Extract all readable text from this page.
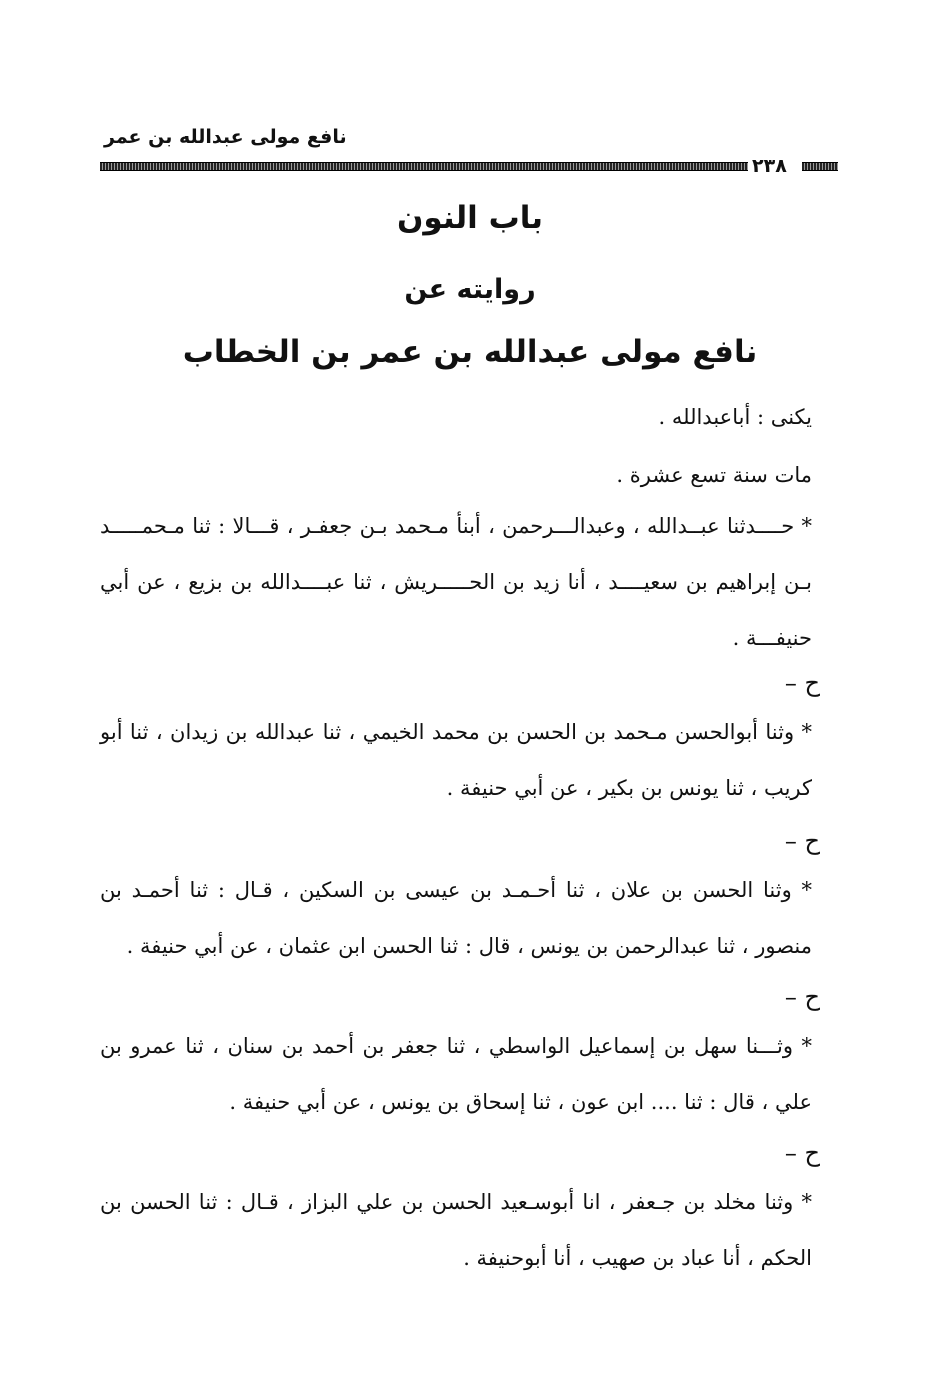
نافع مولى عبدالله بن عمر
٢٣٨
باب النون
روايته عن
نافع مولى عبدالله بن عمر بن الخطاب
يكنى : أباعبدالله .
مات سنة تسع عشرة .
* حــــدثنا عبــدالله ، وعبدالـــرحمن ، أبنأ مـحمد بـن جعفـر ، قـــالا : ثنا مـحمـــــد بـن إبراهيم بن سعيــــد ، أنا زيد بن الحـــــريش ، ثنا عبــــدالله بن بزيع ، عن أبي حنيفـــة .
ح –
* وثنا أبوالحسن مـحمد بن الحسن بن محمد الخيمي ، ثنا عبدالله بن زيدان ، ثنا أبو كريب ، ثنا يونس بن بكير ، عن أبي حنيفة .
ح –
* وثنا الحسن بن علان ، ثنا أحـمـد بن عيسى بن السكين ، قـال : ثنا أحمـد بن منصور ، ثنا عبدالرحمن بن يونس ، قال : ثنا الحسن ابن عثمان ، عن أبي حنيفة .
ح –
* وثـــنا سهل بن إسماعيل الواسطي ، ثنا جعفر بن أحمد بن سنان ، ثنا عمرو بن علي ، قال : ثنا .... ابن عون ، ثنا إسحاق بن يونس ، عن أبي حنيفة .
ح –
* وثنا مخلد بن جـعفر ، انا أبوسـعيد الحسن بن علي البزاز ، قـال : ثنا الحسن بن الحكم ، أنا عباد بن صهيب ، أنا أبوحنيفة .
